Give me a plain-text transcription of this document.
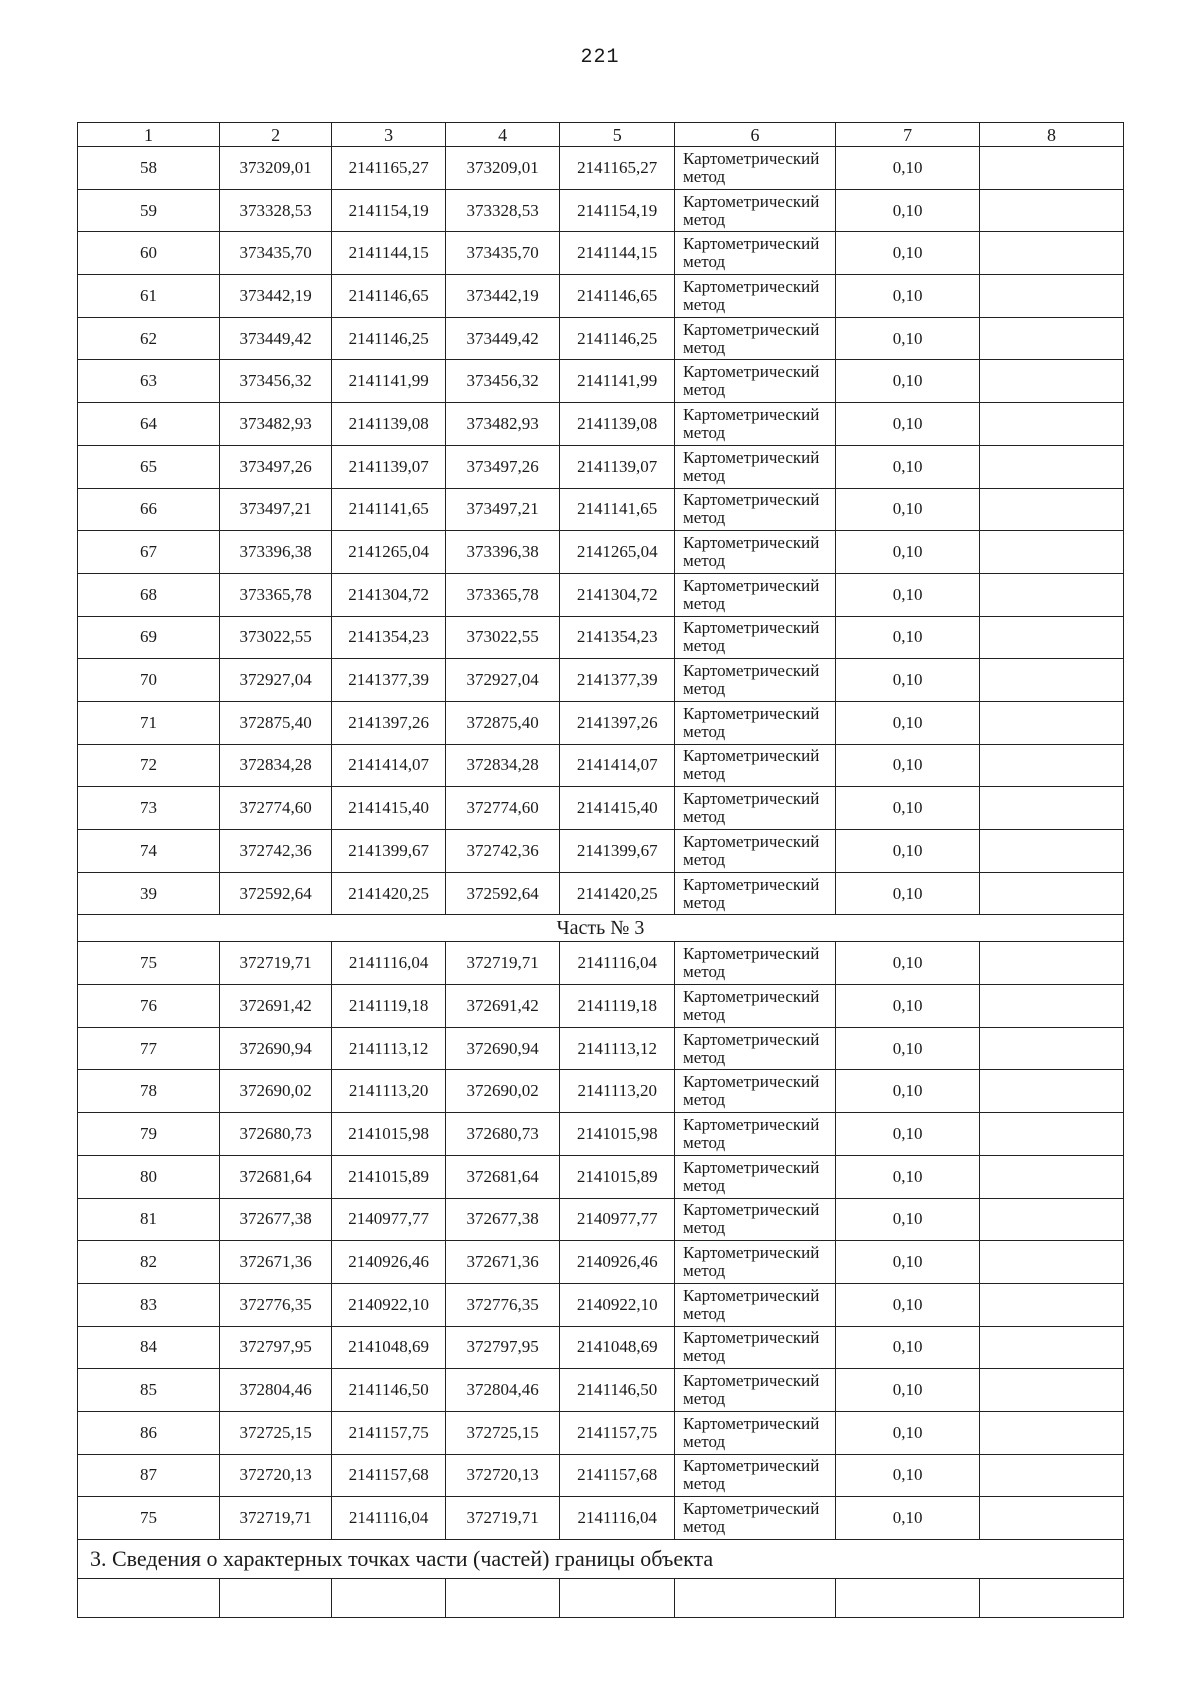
221
1	2	3	4	5	6	7	8
58	373209,01	2141165,27	373209,01	2141165,27	Картометрический метод	0,10	
59	373328,53	2141154,19	373328,53	2141154,19	Картометрический метод	0,10	
60	373435,70	2141144,15	373435,70	2141144,15	Картометрический метод	0,10	
61	373442,19	2141146,65	373442,19	2141146,65	Картометрический метод	0,10	
62	373449,42	2141146,25	373449,42	2141146,25	Картометрический метод	0,10	
63	373456,32	2141141,99	373456,32	2141141,99	Картометрический метод	0,10	
64	373482,93	2141139,08	373482,93	2141139,08	Картометрический метод	0,10	
65	373497,26	2141139,07	373497,26	2141139,07	Картометрический метод	0,10	
66	373497,21	2141141,65	373497,21	2141141,65	Картометрический метод	0,10	
67	373396,38	2141265,04	373396,38	2141265,04	Картометрический метод	0,10	
68	373365,78	2141304,72	373365,78	2141304,72	Картометрический метод	0,10	
69	373022,55	2141354,23	373022,55	2141354,23	Картометрический метод	0,10	
70	372927,04	2141377,39	372927,04	2141377,39	Картометрический метод	0,10	
71	372875,40	2141397,26	372875,40	2141397,26	Картометрический метод	0,10	
72	372834,28	2141414,07	372834,28	2141414,07	Картометрический метод	0,10	
73	372774,60	2141415,40	372774,60	2141415,40	Картометрический метод	0,10	
74	372742,36	2141399,67	372742,36	2141399,67	Картометрический метод	0,10	
39	372592,64	2141420,25	372592,64	2141420,25	Картометрический метод	0,10	
Часть № 3							
75	372719,71	2141116,04	372719,71	2141116,04	Картометрический метод	0,10	
76	372691,42	2141119,18	372691,42	2141119,18	Картометрический метод	0,10	
77	372690,94	2141113,12	372690,94	2141113,12	Картометрический метод	0,10	
78	372690,02	2141113,20	372690,02	2141113,20	Картометрический метод	0,10	
79	372680,73	2141015,98	372680,73	2141015,98	Картометрический метод	0,10	
80	372681,64	2141015,89	372681,64	2141015,89	Картометрический метод	0,10	
81	372677,38	2140977,77	372677,38	2140977,77	Картометрический метод	0,10	
82	372671,36	2140926,46	372671,36	2140926,46	Картометрический метод	0,10	
83	372776,35	2140922,10	372776,35	2140922,10	Картометрический метод	0,10	
84	372797,95	2141048,69	372797,95	2141048,69	Картометрический метод	0,10	
85	372804,46	2141146,50	372804,46	2141146,50	Картометрический метод	0,10	
86	372725,15	2141157,75	372725,15	2141157,75	Картометрический метод	0,10	
87	372720,13	2141157,68	372720,13	2141157,68	Картометрический метод	0,10	
75	372719,71	2141116,04	372719,71	2141116,04	Картометрический метод	0,10	
3. Сведения о характерных точках части (частей) границы объекта							
